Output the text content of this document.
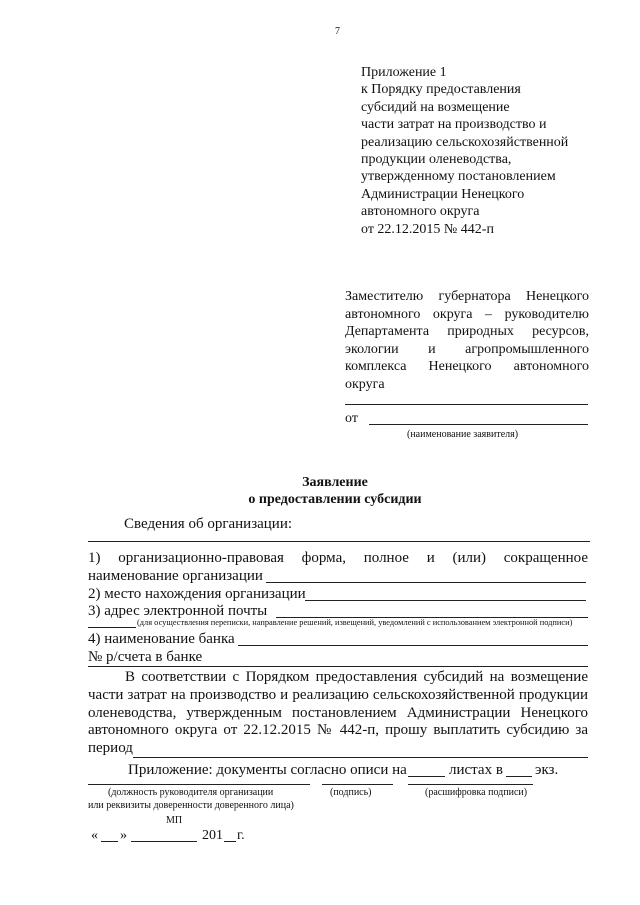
7
Приложение 1
к Порядку предоставления
субсидий на возмещение
части затрат на производство и
реализацию сельскохозяйственной
продукции оленеводства,
утвержденному постановлением
Администрации Ненецкого
автономного округа
от 22.12.2015 № 442-п
Заместителю губернатора Ненецкого
автономного округа – руководителю
Департамента природных ресурсов,
экологии и агропромышленного
комплекса Ненецкого автономного
округа
от
(наименование заявителя)
Заявление
о предоставлении субсидии
Сведения об организации:
1) организационно-правовая форма, полное и (или) сокращенное
наименование организации
2) место нахождения организации
3) адрес электронной почты
(для осуществления переписки, направление решений, извещений, уведомлений с использованием электронной подписи)
4) наименование банка
№ р/счета в банке
В соответствии с Порядком предоставления субсидий на возмещение
части затрат на производство и реализацию сельскохозяйственной продукции
оленеводства, утвержденным постановлением Администрации Ненецкого
автономного округа от 22.12.2015 № 442-п, прошу выплатить субсидию за
период
Приложение: документы согласно описи на	листах в экз.
(должность руководителя организации
или реквизиты доверенности доверенного лица)
(подпись)	(расшифровка подписи)
МП
« »	201 г.
